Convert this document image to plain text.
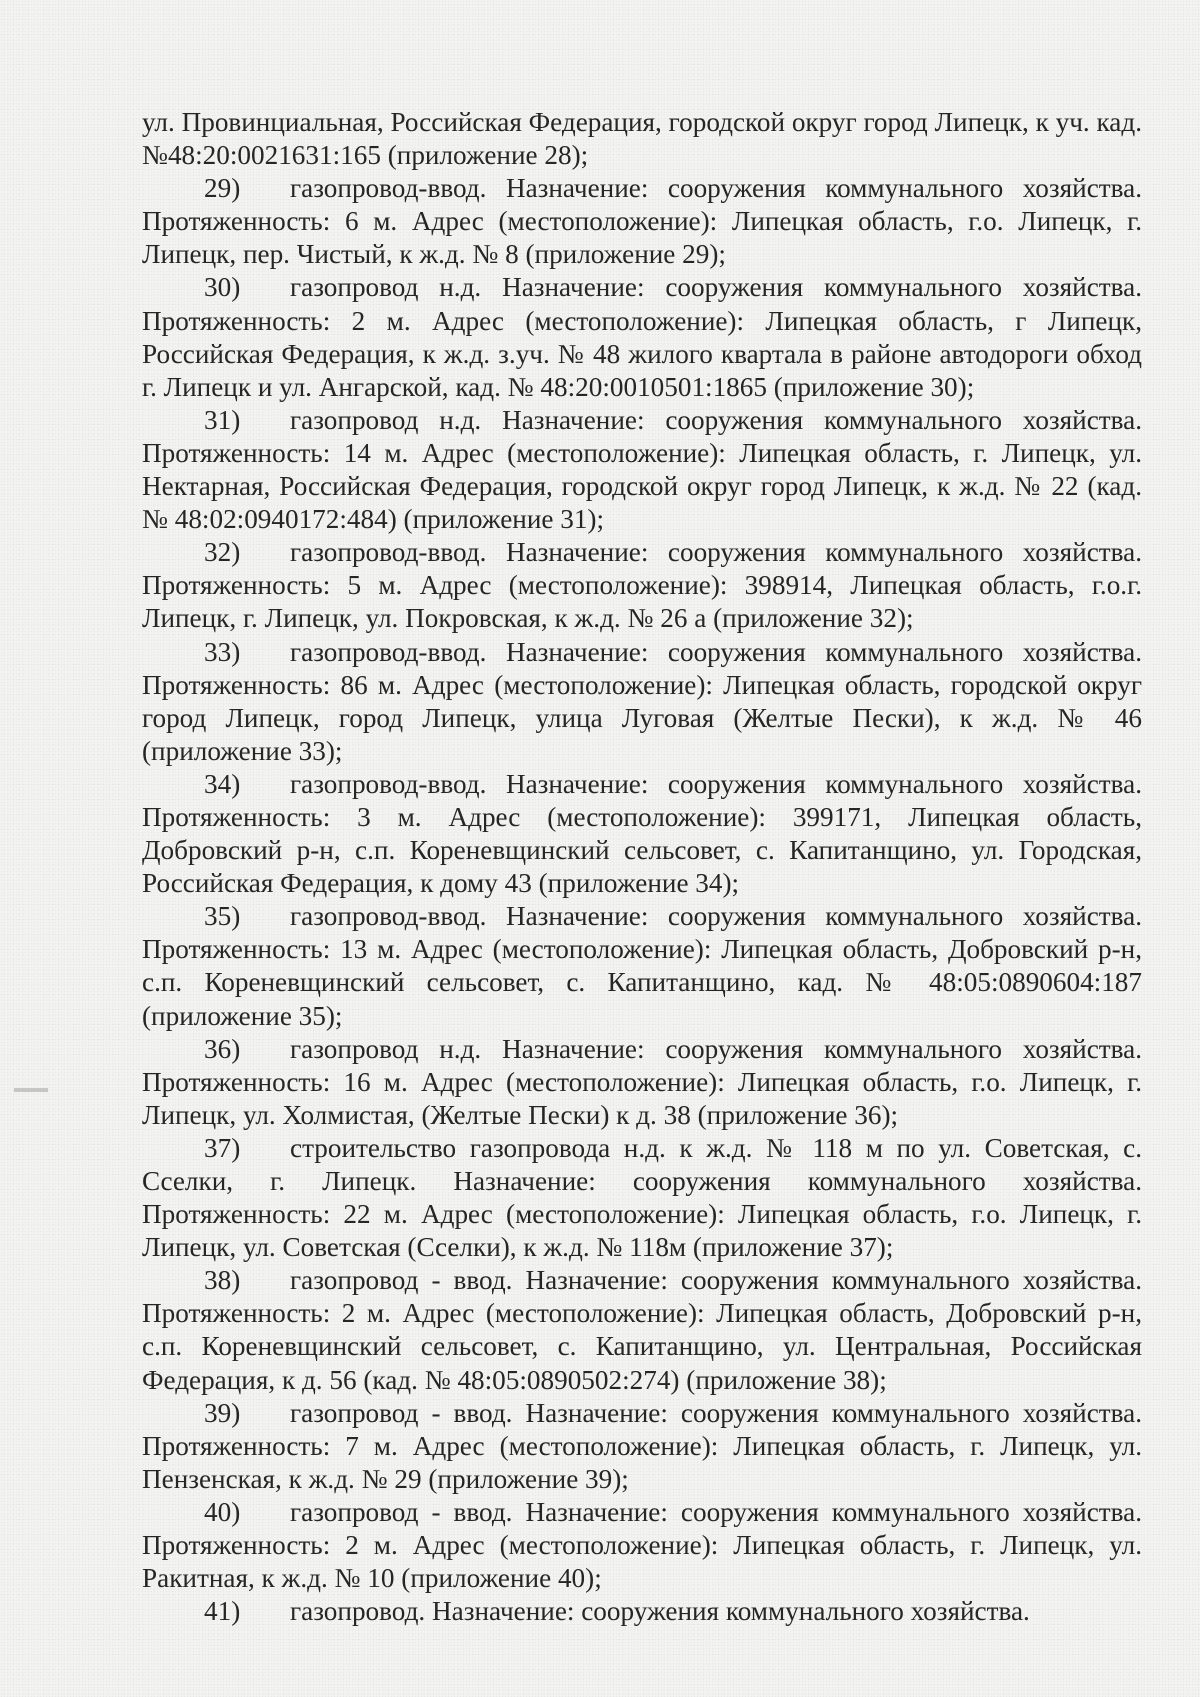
ул. Провинциальная, Российская Федерация, городской округ город Липецк, к уч. кад. №48:20:0021631:165 (приложение 28);

29) газопровод-ввод. Назначение: сооружения коммунального хозяйства. Протяженность: 6 м. Адрес (местоположение): Липецкая область, г.о. Липецк, г. Липецк, пер. Чистый, к ж.д. № 8 (приложение 29);

30) газопровод н.д. Назначение: сооружения коммунального хозяйства. Протяженность: 2 м. Адрес (местоположение): Липецкая область, г Липецк, Российская Федерация, к ж.д. з.уч. № 48 жилого квартала в районе автодороги обход г. Липецк и ул. Ангарской, кад. № 48:20:0010501:1865 (приложение 30);

31) газопровод н.д. Назначение: сооружения коммунального хозяйства. Протяженность: 14 м. Адрес (местоположение): Липецкая область, г. Липецк, ул. Нектарная, Российская Федерация, городской округ город Липецк, к ж.д. № 22 (кад. № 48:02:0940172:484) (приложение 31);

32) газопровод-ввод. Назначение: сооружения коммунального хозяйства. Протяженность: 5 м. Адрес (местоположение): 398914, Липецкая область, г.о.г. Липецк, г. Липецк, ул. Покровская, к ж.д. № 26 а (приложение 32);

33) газопровод-ввод. Назначение: сооружения коммунального хозяйства. Протяженность: 86 м. Адрес (местоположение): Липецкая область, городской округ город Липецк, город Липецк, улица Луговая (Желтые Пески), к ж.д. № 46 (приложение 33);

34) газопровод-ввод. Назначение: сооружения коммунального хозяйства. Протяженность: 3 м. Адрес (местоположение): 399171, Липецкая область, Добровский р-н, с.п. Кореневщинский сельсовет, с. Капитанщино, ул. Городская, Российская Федерация, к дому 43 (приложение 34);

35) газопровод-ввод. Назначение: сооружения коммунального хозяйства. Протяженность: 13 м. Адрес (местоположение): Липецкая область, Добровский р-н, с.п. Кореневщинский сельсовет, с. Капитанщино, кад. № 48:05:0890604:187 (приложение 35);

36) газопровод н.д. Назначение: сооружения коммунального хозяйства. Протяженность: 16 м. Адрес (местоположение): Липецкая область, г.о. Липецк, г. Липецк, ул. Холмистая, (Желтые Пески) к д. 38 (приложение 36);

37) строительство газопровода н.д. к ж.д. № 118 м по ул. Советская, с. Сселки, г. Липецк. Назначение: сооружения коммунального хозяйства. Протяженность: 22 м. Адрес (местоположение): Липецкая область, г.о. Липецк, г. Липецк, ул. Советская (Сселки), к ж.д. № 118м (приложение 37);

38) газопровод - ввод. Назначение: сооружения коммунального хозяйства. Протяженность: 2 м. Адрес (местоположение): Липецкая область, Добровский р-н, с.п. Кореневщинский сельсовет, с. Капитанщино, ул. Центральная, Российская Федерация, к д. 56 (кад. № 48:05:0890502:274) (приложение 38);

39) газопровод - ввод. Назначение: сооружения коммунального хозяйства. Протяженность: 7 м. Адрес (местоположение): Липецкая область, г. Липецк, ул. Пензенская, к ж.д. № 29 (приложение 39);

40) газопровод - ввод. Назначение: сооружения коммунального хозяйства. Протяженность: 2 м. Адрес (местоположение): Липецкая область, г. Липецк, ул. Ракитная, к ж.д. № 10 (приложение 40);

41) газопровод. Назначение: сооружения коммунального хозяйства.
